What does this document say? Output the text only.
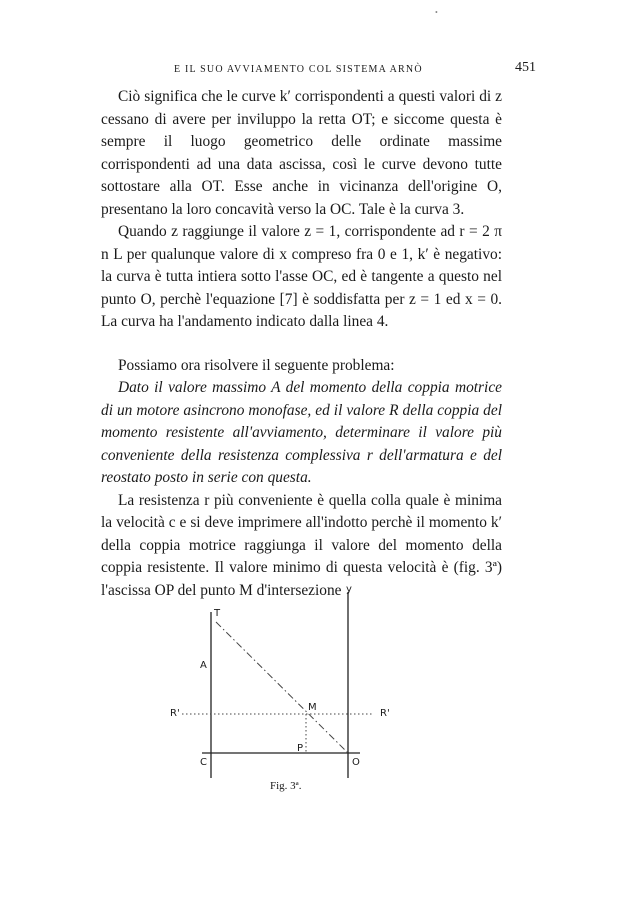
•
E IL SUO AVVIAMENTO COL SISTEMA ARNÒ	451

Ciò significa che le curve k′ corrispondenti a questi valori di z cessano di avere per inviluppo la retta OT; e siccome questa è sempre il luogo geometrico delle ordinate massime corrispondenti ad una data ascissa, così le curve devono tutte sottostare alla OT. Esse anche in vicinanza dell'origine O, presentano la loro concavità verso la OC. Tale è la curva 3.

Quando z raggiunge il valore z = 1, corrispondente ad r = 2 π n L per qualunque valore di x compreso fra 0 e 1, k′ è negativo: la curva è tutta intiera sotto l'asse OC, ed è tangente a questo nel punto O, perchè l'equazione [7] è soddisfatta per z = 1 ed x = 0. La curva ha l'andamento indicato dalla linea 4.

Possiamo ora risolvere il seguente problema:

Dato il valore massimo A del momento della coppia motrice di un motore asincrono monofase, ed il valore R della coppia del momento resistente all'avviamento, determinare il valore più conveniente della resistenza complessiva r dell'armatura e del reostato posto in serie con questa.

La resistenza r più conveniente è quella colla quale è minima la velocità c e si deve imprimere all'indotto perchè il momento k′ della coppia motrice raggiunga il valore del momento della coppia resistente. Il valore minimo di questa velocità è (fig. 3ª) l'ascissa OP del punto M d'intersezione y
T
A
R'
M
R'
P
C	O
Fig. 3ª.
